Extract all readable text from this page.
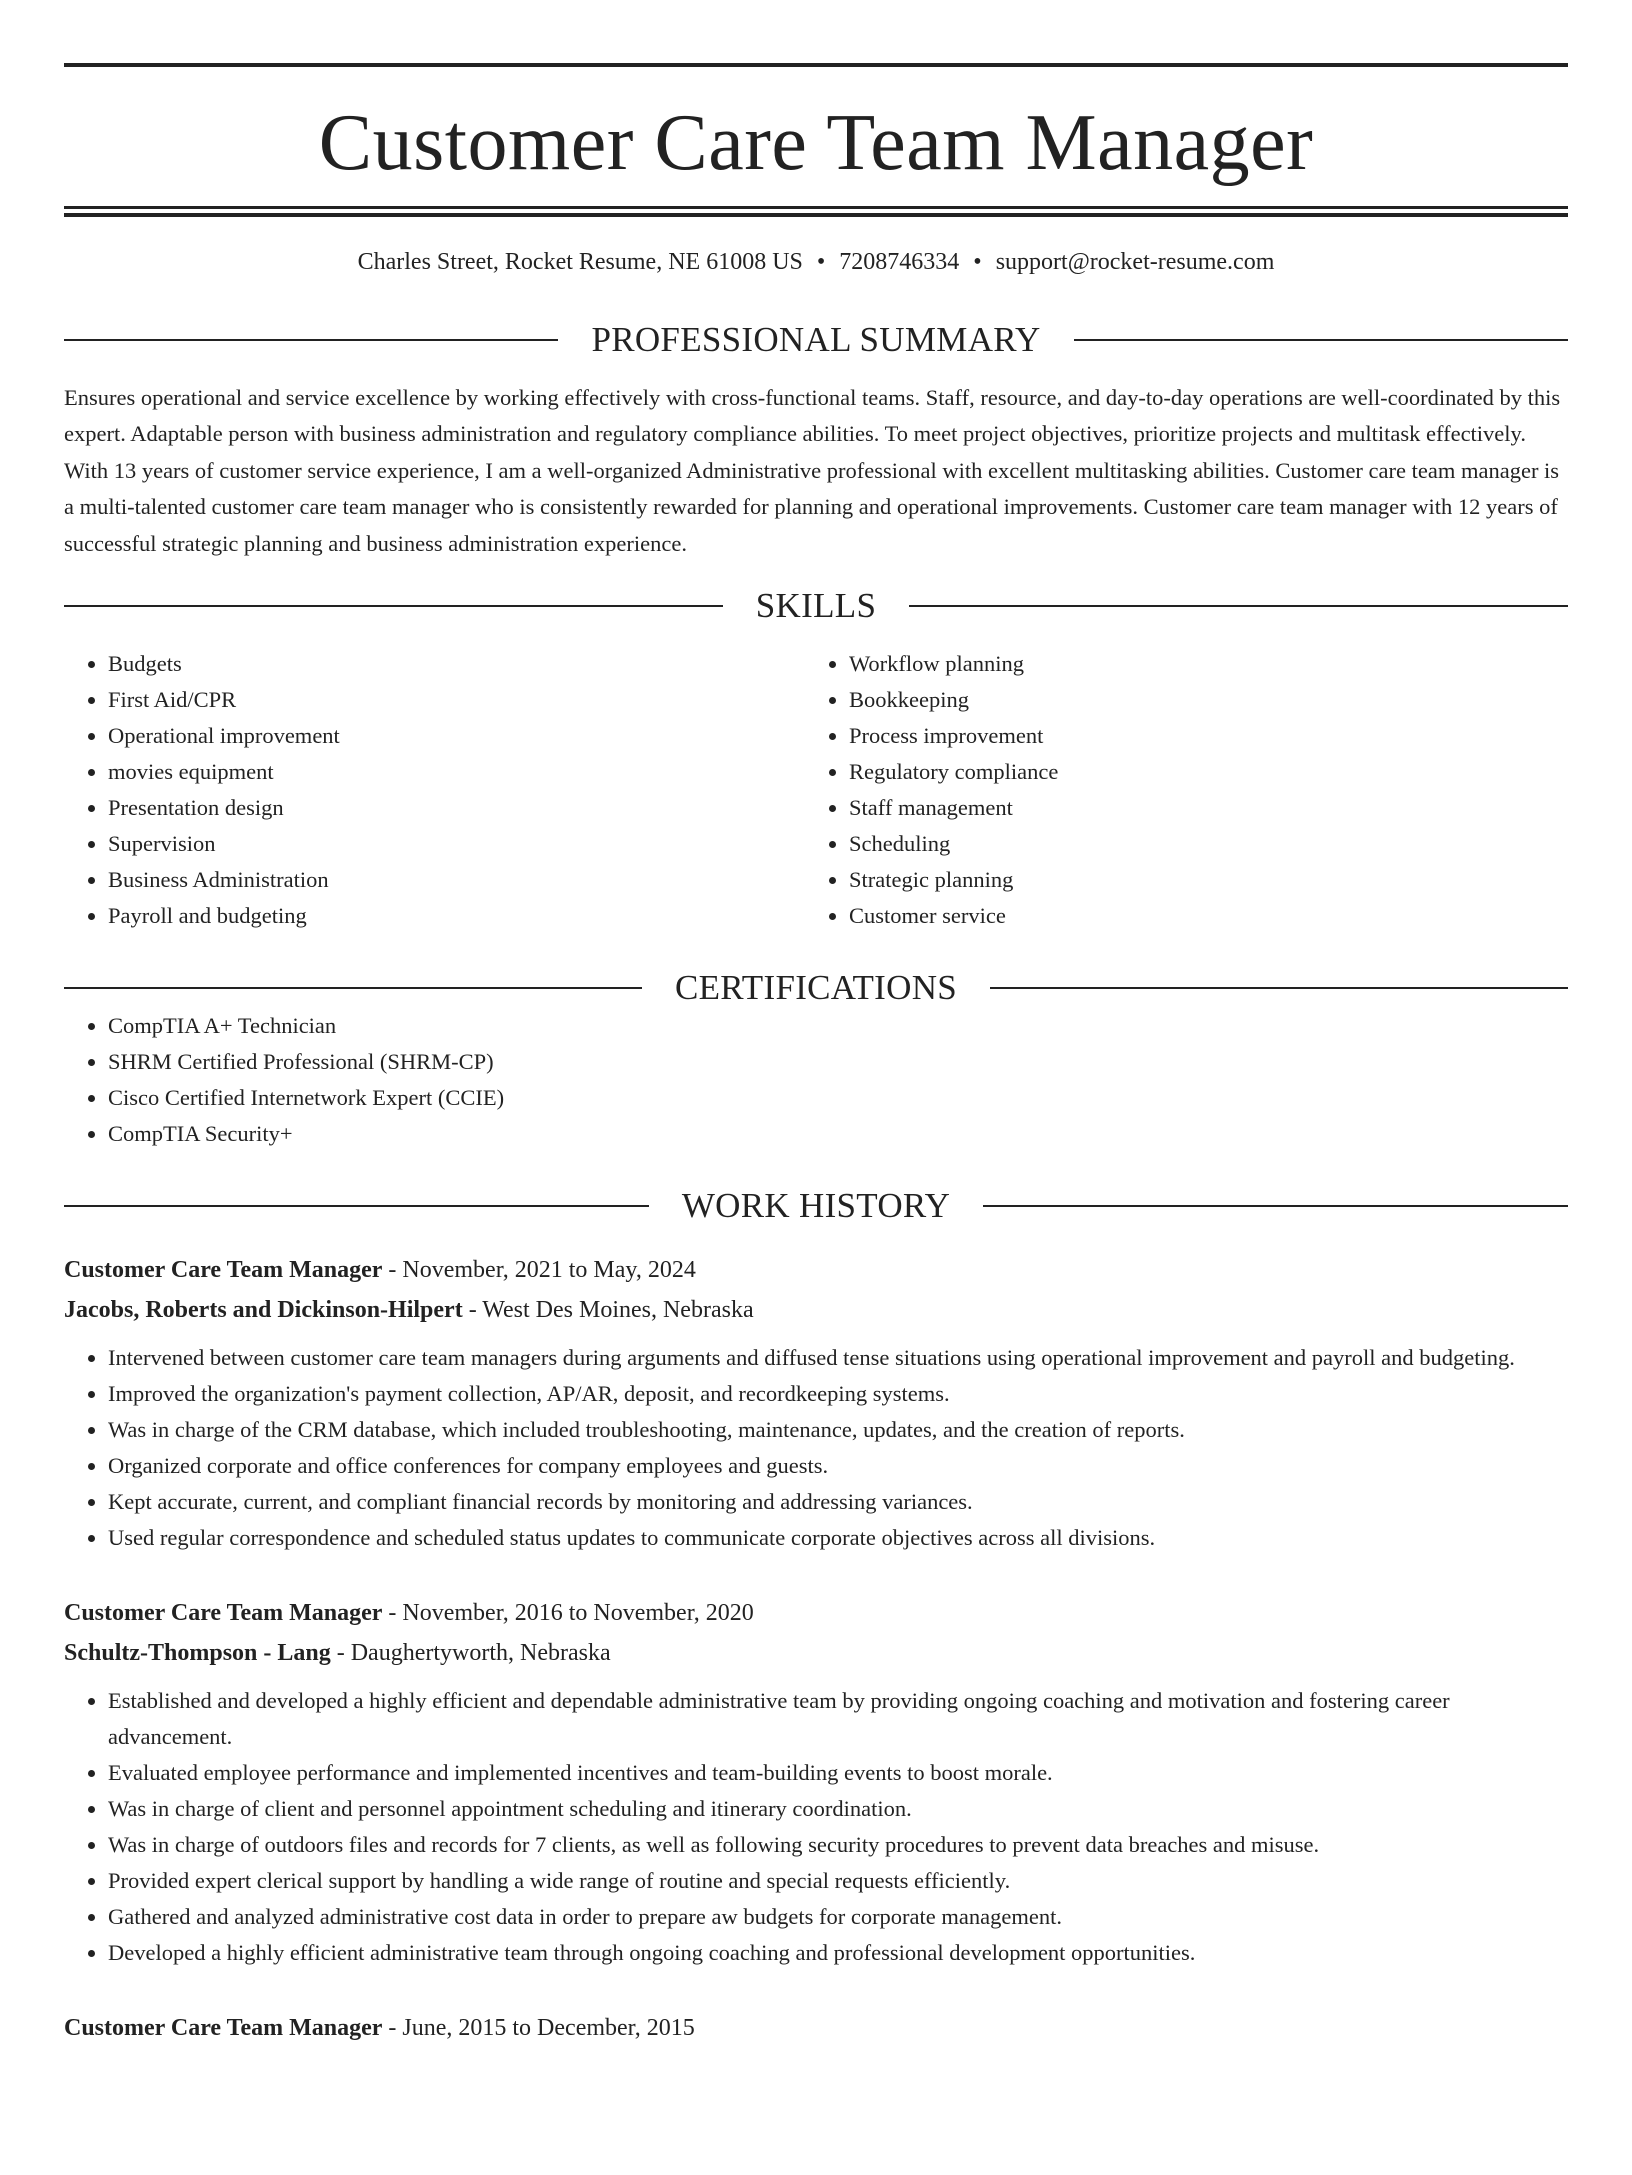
Customer Care Team Manager
Charles Street, Rocket Resume, NE 61008 US • 7208746334 • support@rocket-resume.com
PROFESSIONAL SUMMARY
Ensures operational and service excellence by working effectively with cross-functional teams. Staff, resource, and day-to-day operations are well-coordinated by this expert. Adaptable person with business administration and regulatory compliance abilities. To meet project objectives, prioritize projects and multitask effectively. With 13 years of customer service experience, I am a well-organized Administrative professional with excellent multitasking abilities. Customer care team manager is a multi-talented customer care team manager who is consistently rewarded for planning and operational improvements. Customer care team manager with 12 years of successful strategic planning and business administration experience.
SKILLS
• Budgets
• First Aid/CPR
• Operational improvement
• movies equipment
• Presentation design
• Supervision
• Business Administration
• Payroll and budgeting
• Workflow planning
• Bookkeeping
• Process improvement
• Regulatory compliance
• Staff management
• Scheduling
• Strategic planning
• Customer service
CERTIFICATIONS
• CompTIA A+ Technician
• SHRM Certified Professional (SHRM-CP)
• Cisco Certified Internetwork Expert (CCIE)
• CompTIA Security+
WORK HISTORY
Customer Care Team Manager - November, 2021 to May, 2024
Jacobs, Roberts and Dickinson-Hilpert - West Des Moines, Nebraska
• Intervened between customer care team managers during arguments and diffused tense situations using operational improvement and payroll and budgeting.
• Improved the organization's payment collection, AP/AR, deposit, and recordkeeping systems.
• Was in charge of the CRM database, which included troubleshooting, maintenance, updates, and the creation of reports.
• Organized corporate and office conferences for company employees and guests.
• Kept accurate, current, and compliant financial records by monitoring and addressing variances.
• Used regular correspondence and scheduled status updates to communicate corporate objectives across all divisions.
Customer Care Team Manager - November, 2016 to November, 2020
Schultz-Thompson - Lang - Daughertyworth, Nebraska
• Established and developed a highly efficient and dependable administrative team by providing ongoing coaching and motivation and fostering career advancement.
• Evaluated employee performance and implemented incentives and team-building events to boost morale.
• Was in charge of client and personnel appointment scheduling and itinerary coordination.
• Was in charge of outdoors files and records for 7 clients, as well as following security procedures to prevent data breaches and misuse.
• Provided expert clerical support by handling a wide range of routine and special requests efficiently.
• Gathered and analyzed administrative cost data in order to prepare aw budgets for corporate management.
• Developed a highly efficient administrative team through ongoing coaching and professional development opportunities.
Customer Care Team Manager - June, 2015 to December, 2015
